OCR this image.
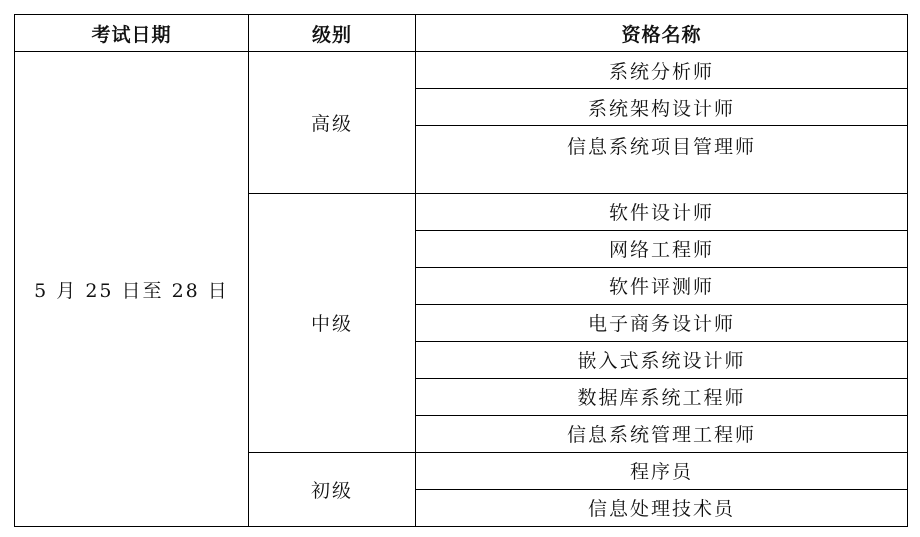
考试日期	级别	资格名称
5 月 25 日至 28 日	高级	系统分析师
		系统架构设计师
		信息系统项目管理师
	中级	软件设计师
		网络工程师
		软件评测师
		电子商务设计师
		嵌入式系统设计师
		数据库系统工程师
		信息系统管理工程师
	初级	程序员
		信息处理技术员
